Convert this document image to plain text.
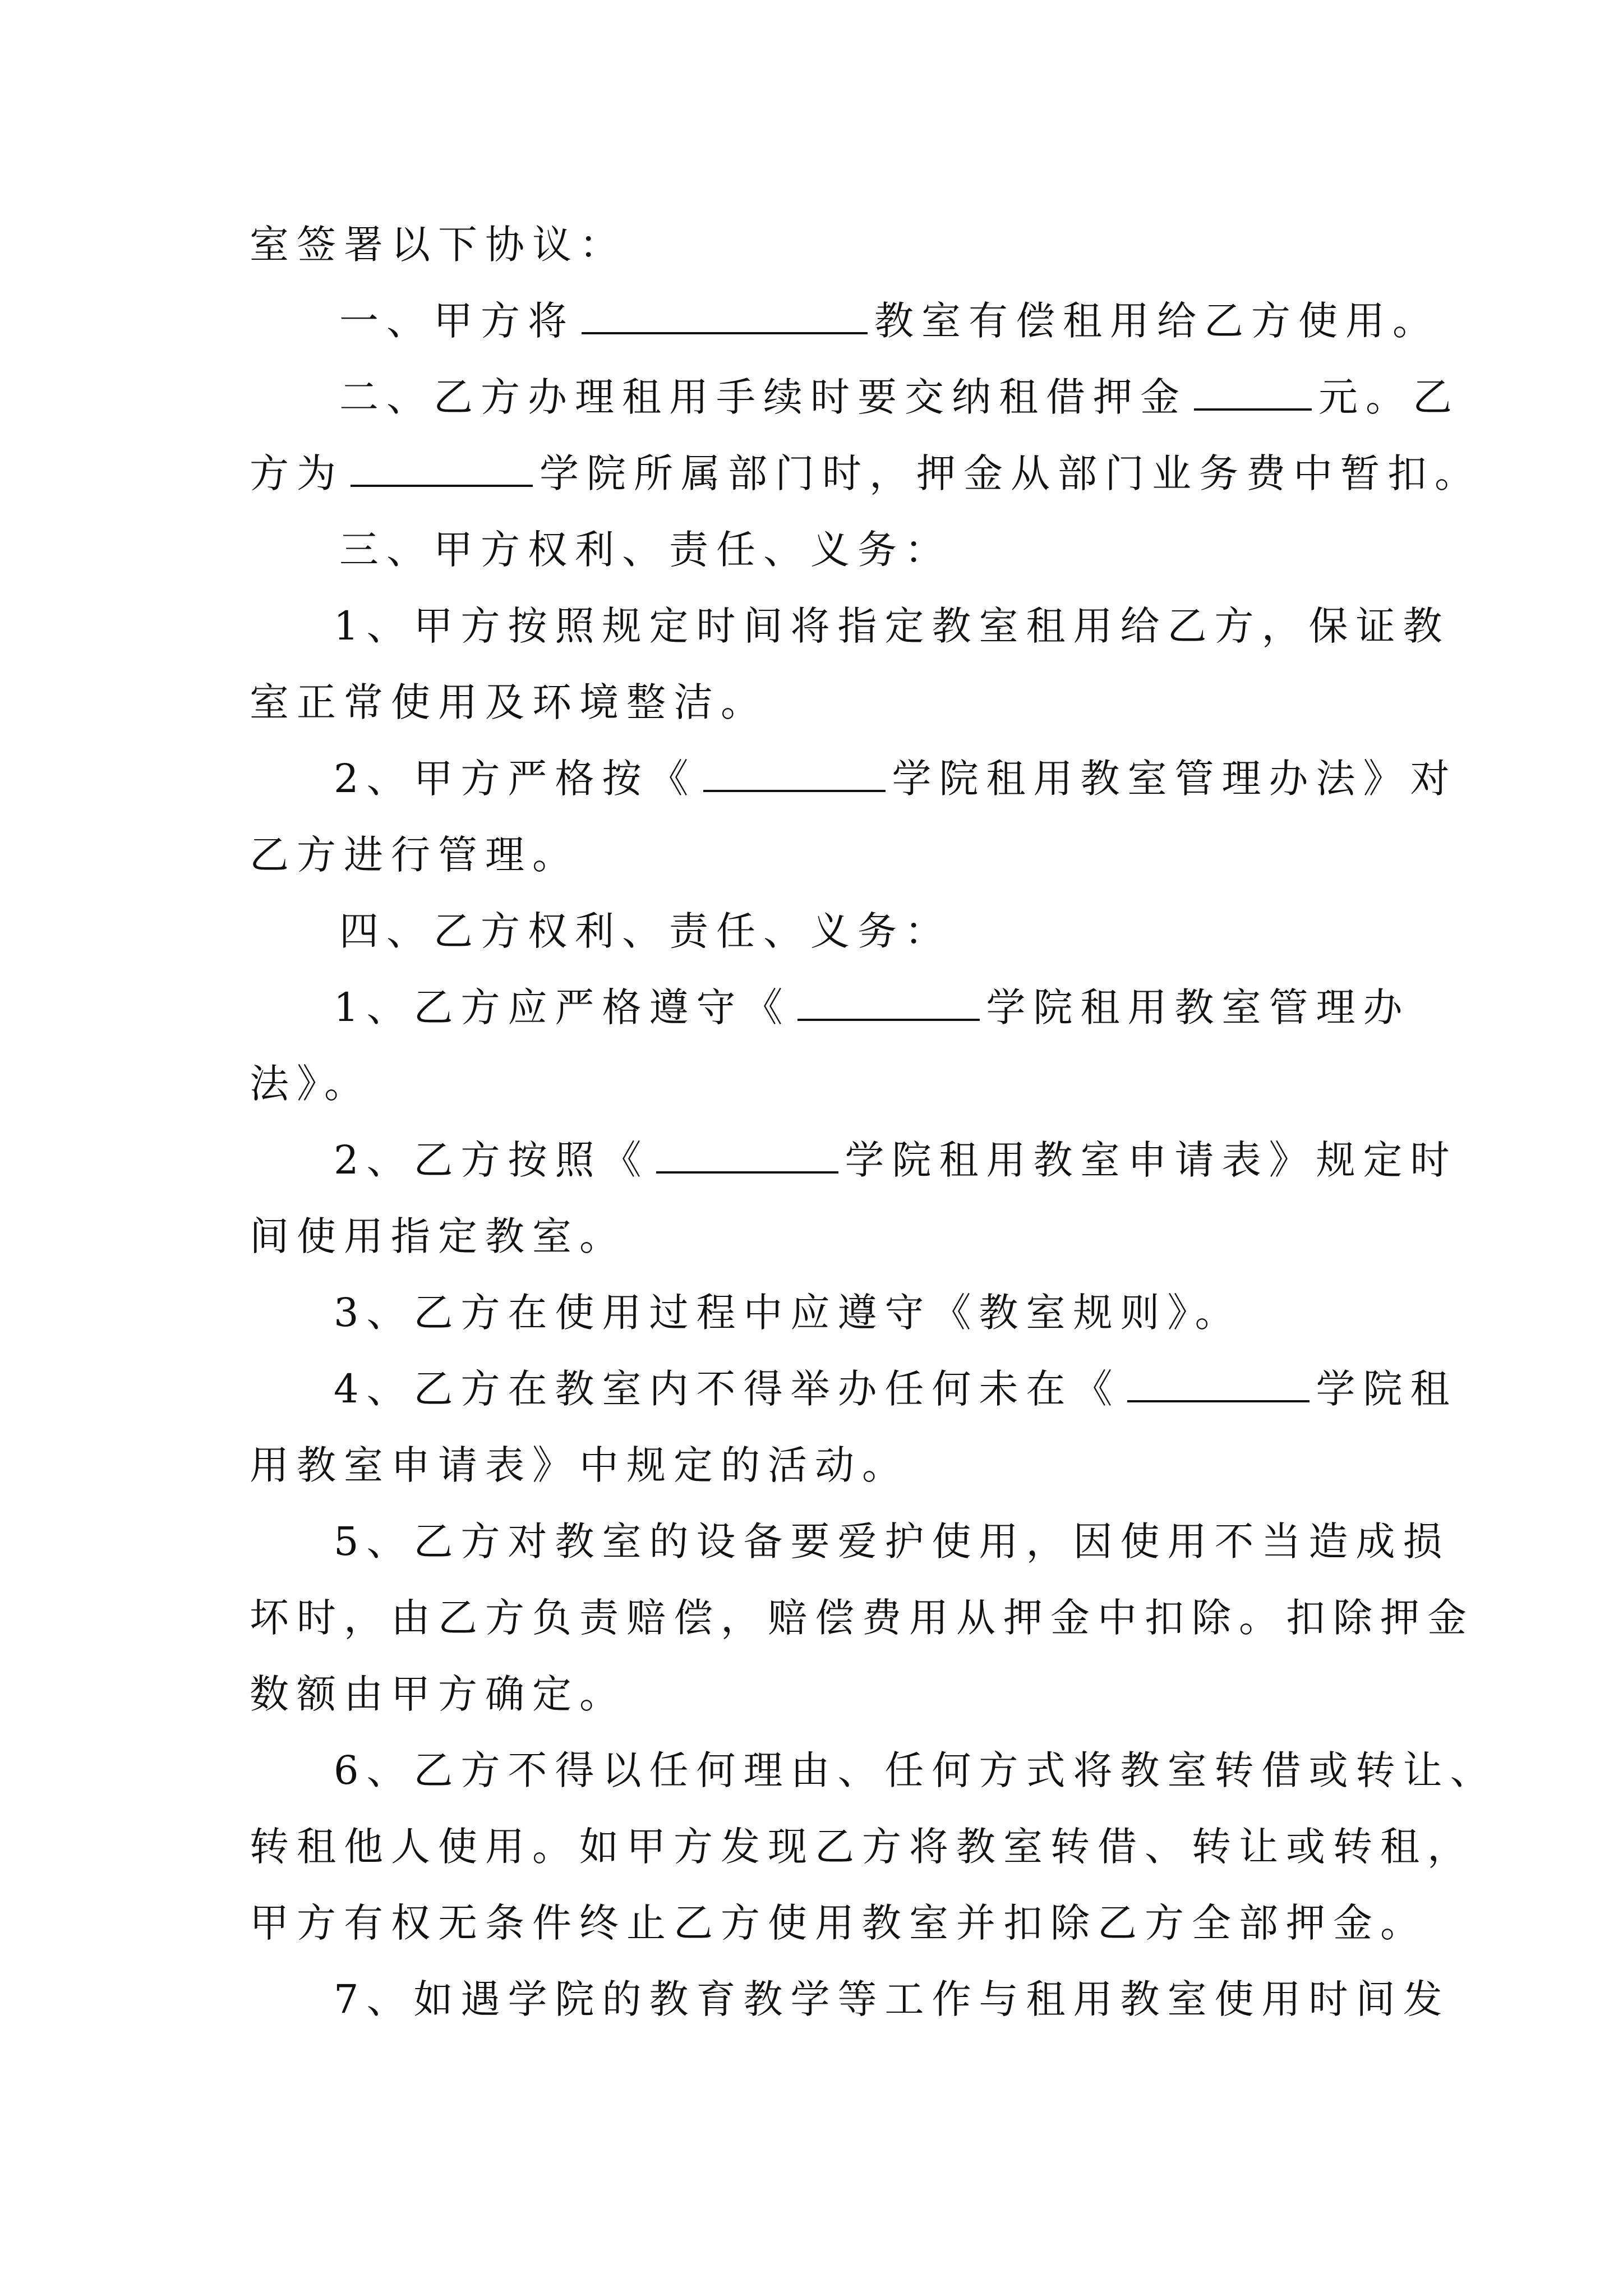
室签署以下协议：
一、甲方将	教室有偿租用给乙方使用。
二、乙方办理租用手续时要交纳租借押金	元。乙
方为	学院所属部门时，押金从部门业务费中暂扣。
三、甲方权利、责任、义务：
1、甲方按照规定时间将指定教室租用给乙方，保证教
室正常使用及环境整洁。
2、甲方严格按《	学院租用教室管理办法》对
乙方进行管理。
四、乙方权利、责任、义务：
1、乙方应严格遵守《	学院租用教室管理办
法》。
2、乙方按照《	学院租用教室申请表》规定时
间使用指定教室。
3、乙方在使用过程中应遵守《教室规则》。
4、乙方在教室内不得举办任何未在《	学院租
用教室申请表》中规定的活动。
5、乙方对教室的设备要爱护使用，因使用不当造成损
坏时，由乙方负责赔偿，赔偿费用从押金中扣除。扣除押金
数额由甲方确定。
6、乙方不得以任何理由、任何方式将教室转借或转让、
转租他人使用。如甲方发现乙方将教室转借、转让或转租，
甲方有权无条件终止乙方使用教室并扣除乙方全部押金。
7、如遇学院的教育教学等工作与租用教室使用时间发
